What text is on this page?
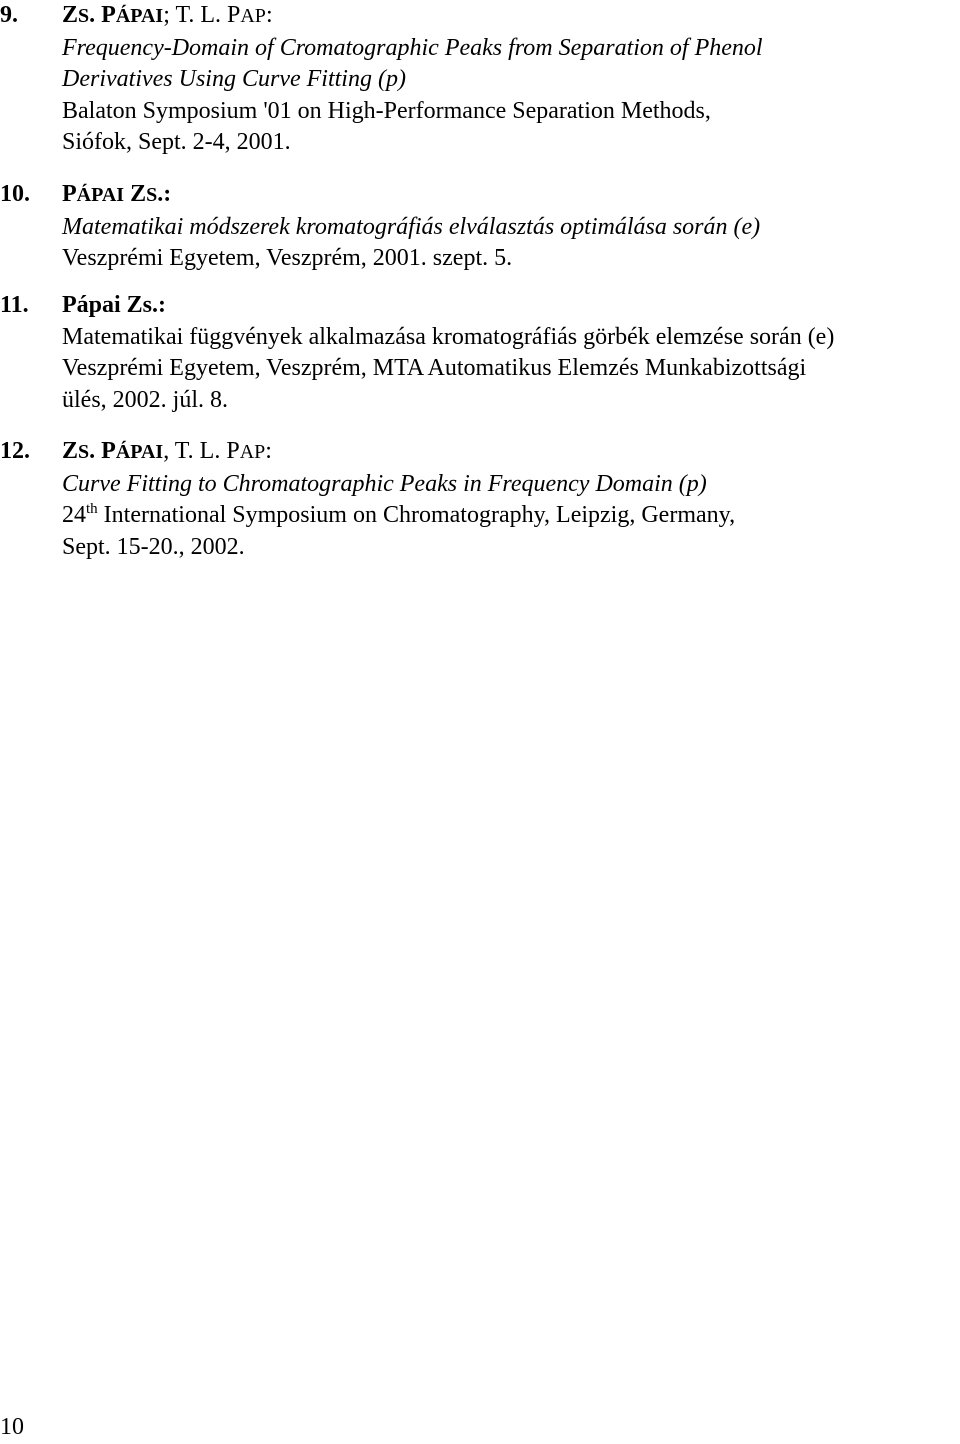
9. ZS. PÁPAI; T. L. PAP:
Frequency-Domain of Cromatographic Peaks from Separation of Phenol
Derivatives Using Curve Fitting (p)
Balaton Symposium '01 on High-Performance Separation Methods,
Siófok, Sept. 2-4, 2001.
10. PÁPAI ZS.:
Matematikai módszerek kromatográfiás elválasztás optimálása során (e)
Veszprémi Egyetem, Veszprém, 2001. szept. 5.
11. Pápai Zs.:
Matematikai függvények alkalmazása kromatográfiás görbék elemzése során (e)
Veszprémi Egyetem, Veszprém, MTA Automatikus Elemzés Munkabizottsági
ülés, 2002. júl. 8.
12. ZS. PÁPAI, T. L. PAP:
Curve Fitting to Chromatographic Peaks in Frequency Domain (p)
24th International Symposium on Chromatography, Leipzig, Germany,
Sept. 15-20., 2002.
10
